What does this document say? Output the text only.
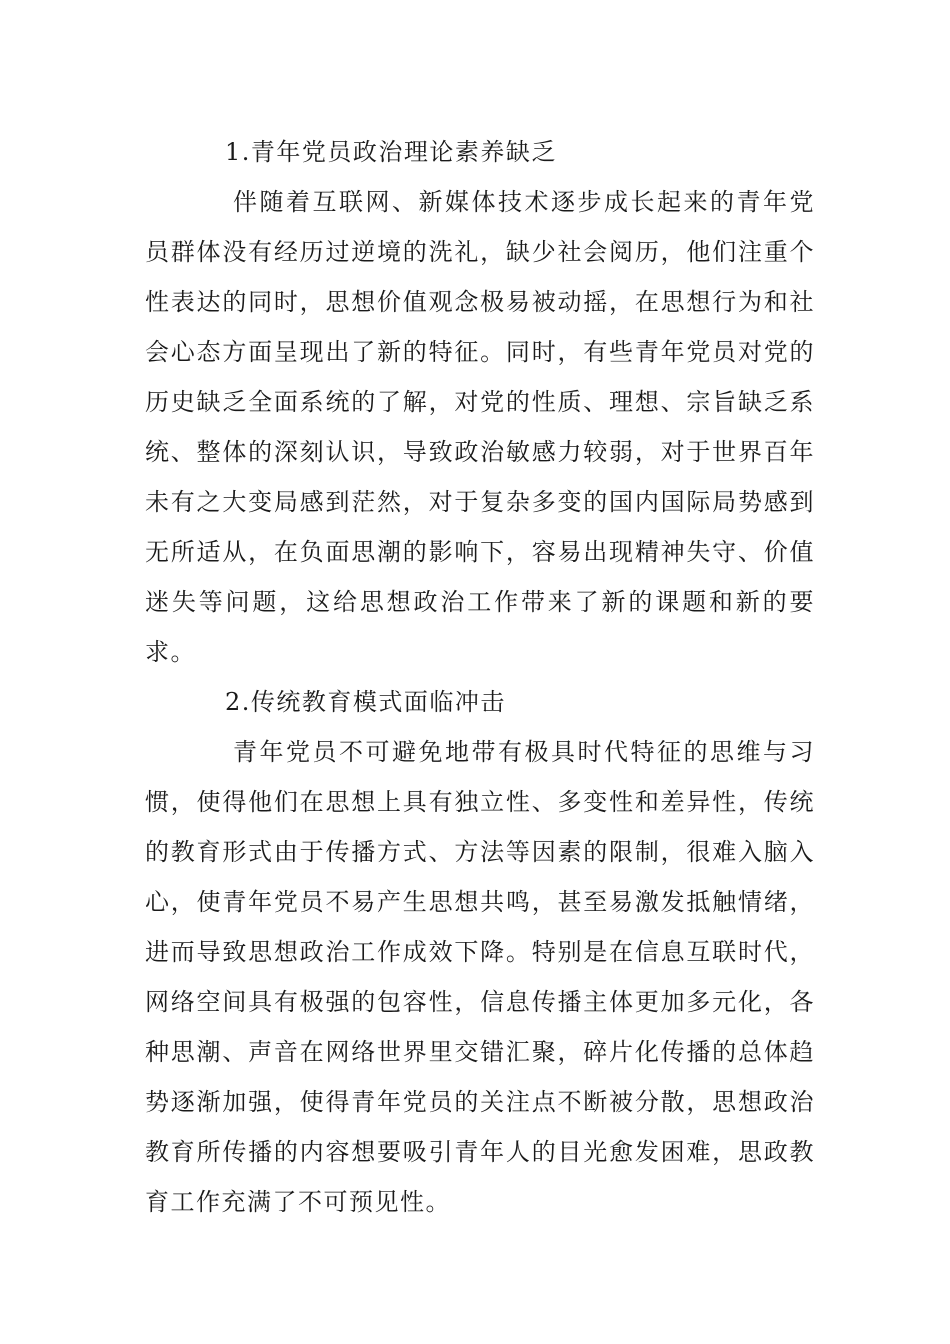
1.青年党员政治理论素养缺乏

伴随着互联网、新媒体技术逐步成长起来的青年党员群体没有经历过逆境的洗礼，缺少社会阅历，他们注重个性表达的同时，思想价值观念极易被动摇，在思想行为和社会心态方面呈现出了新的特征。同时，有些青年党员对党的历史缺乏全面系统的了解，对党的性质、理想、宗旨缺乏系统、整体的深刻认识，导致政治敏感力较弱，对于世界百年未有之大变局感到茫然，对于复杂多变的国内国际局势感到无所适从，在负面思潮的影响下，容易出现精神失守、价值迷失等问题，这给思想政治工作带来了新的课题和新的要求。

2.传统教育模式面临冲击

青年党员不可避免地带有极具时代特征的思维与习惯，使得他们在思想上具有独立性、多变性和差异性，传统的教育形式由于传播方式、方法等因素的限制，很难入脑入心，使青年党员不易产生思想共鸣，甚至易激发抵触情绪，进而导致思想政治工作成效下降。特别是在信息互联时代，网络空间具有极强的包容性，信息传播主体更加多元化，各种思潮、声音在网络世界里交错汇聚，碎片化传播的总体趋势逐渐加强，使得青年党员的关注点不断被分散，思想政治教育所传播的内容想要吸引青年人的目光愈发困难，思政教育工作充满了不可预见性。
